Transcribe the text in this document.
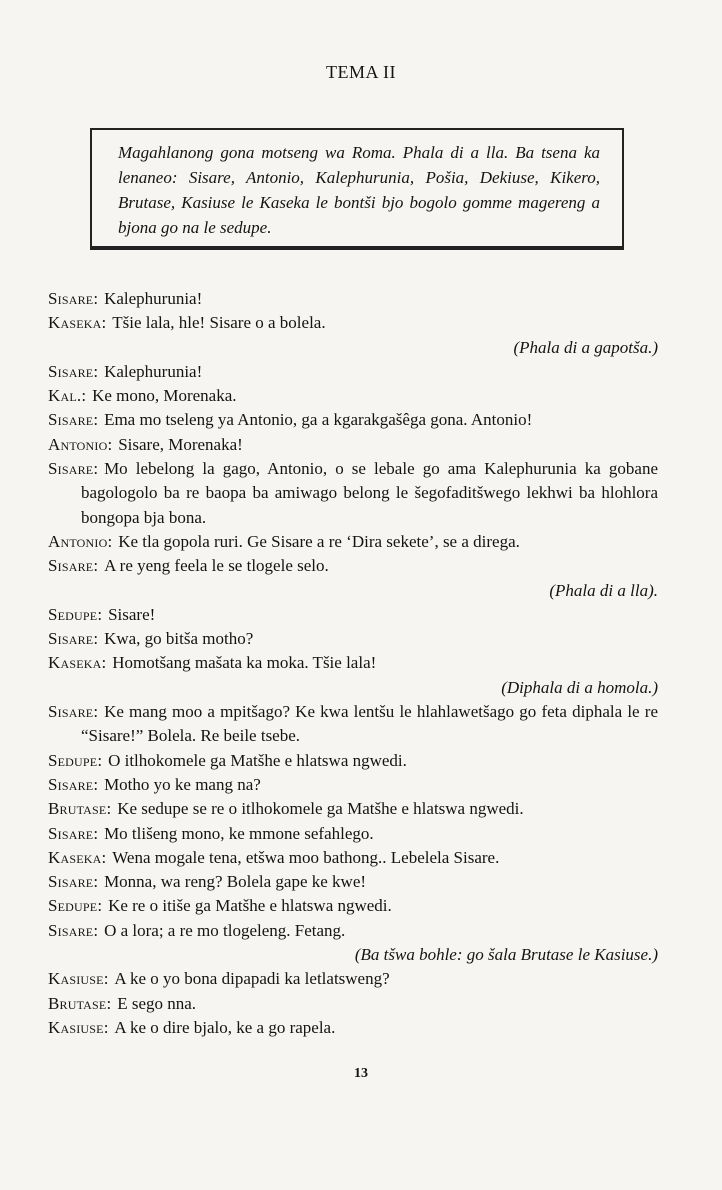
TEMA II
Magahlanong gona motseng wa Roma. Phala di a lla. Ba tsena ka lenaneo: Sisare, Antonio, Kalephurunia, Pošia, Dekiuse, Kikero, Brutase, Kasiuse le Kaseka le bontši bjo bogolo gomme magereng a bjona go na le sedupe.
Sisare: Kalephurunia!
Kaseka: Tšie lala, hle! Sisare o a bolela.
(Phala di a gapotša.)
Sisare: Kalephurunia!
Kal.: Ke mono, Morenaka.
Sisare: Ema mo tseleng ya Antonio, ga a kgarakgašêga gona. Antonio!
Antonio: Sisare, Morenaka!
Sisare: Mo lebelong la gago, Antonio, o se lebale go ama Kalephurunia ka gobane bagologolo ba re baopa ba amiwago belong le šegofaditšwego lekhwi ba hlohlora bongopa bja bona.
Antonio: Ke tla gopola ruri. Ge Sisare a re ‘Dira sekete’, se a direga.
Sisare: A re yeng feela le se tlogele selo.
(Phala di a lla).
Sedupe: Sisare!
Sisare: Kwa, go bitša motho?
Kaseka: Homotšang mašata ka moka. Tšie lala!
(Diphala di a homola.)
Sisare: Ke mang moo a mpitšago? Ke kwa lentšu le hlahlawetšago go feta diphala le re “Sisare!” Bolela. Re beile tsebe.
Sedupe: O itlhokomele ga Matšhe e hlatswa ngwedi.
Sisare: Motho yo ke mang na?
Brutase: Ke sedupe se re o itlhokomele ga Matšhe e hlatswa ngwedi.
Sisare: Mo tlišeng mono, ke mmone sefahlego.
Kaseka: Wena mogale tena, etšwa moo bathong.. Lebelela Sisare.
Sisare: Monna, wa reng? Bolela gape ke kwe!
Sedupe: Ke re o itiše ga Matšhe e hlatswa ngwedi.
Sisare: O a lora; a re mo tlogeleng. Fetang.
(Ba tšwa bohle: go šala Brutase le Kasiuse.)
Kasiuse: A ke o yo bona dipapadi ka letlatsweng?
Brutase: E sego nna.
Kasiuse: A ke o dire bjalo, ke a go rapela.
13
